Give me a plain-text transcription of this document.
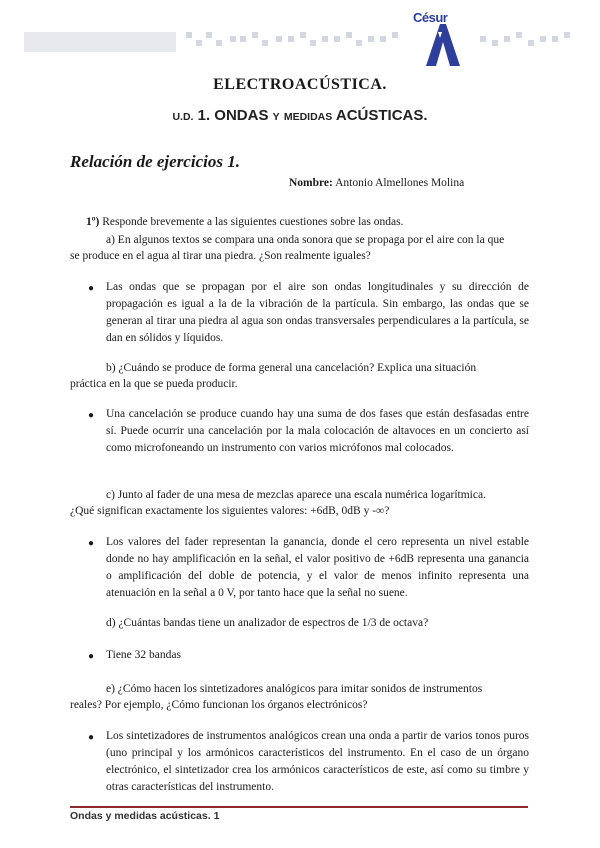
Césur
ELECTROACÚSTICA.
U.D. 1. ONDAS Y MEDIDAS ACÚSTICAS.
Relación de ejercicios 1.
Nombre: Antonio Almellones Molina
1º) Responde brevemente a las siguientes cuestiones sobre las ondas.
a) En algunos textos se compara una onda sonora que se propaga por el aire con la que
se produce en el agua al tirar una piedra. ¿Son realmente iguales?
● Las ondas que se propagan por el aire son ondas longitudinales y su dirección de propagación es igual a la de la vibración de la partícula. Sin embargo, las ondas que se generan al tirar una piedra al agua son ondas transversales perpendiculares a la partícula, se dan en sólidos y líquidos.
b) ¿Cuándo se produce de forma general una cancelación? Explica una situación
práctica en la que se pueda producir.
● Una cancelación se produce cuando hay una suma de dos fases que están desfasadas entre sí. Puede ocurrir una cancelación por la mala colocación de altavoces en un concierto así como microfoneando un instrumento con varios micrófonos mal colocados.
c) Junto al fader de una mesa de mezclas aparece una escala numérica logarítmica.
¿Qué significan exactamente los siguientes valores: +6dB, 0dB y -∞?
● Los valores del fader representan la ganancia, donde el cero representa un nivel estable donde no hay amplificación en la señal, el valor positivo de +6dB representa una ganancia o amplificación del doble de potencia, y el valor de menos infinito representa una atenuación en la señal a 0 V, por tanto hace que la señal no suene.
d) ¿Cuántas bandas tiene un analizador de espectros de 1/3 de octava?
● Tiene 32 bandas
e) ¿Cómo hacen los sintetizadores analógicos para imitar sonidos de instrumentos
reales? Por ejemplo, ¿Cómo funcionan los órganos electrónicos?
● Los sintetizadores de instrumentos analógicos crean una onda a partir de varios tonos puros (uno principal y los armónicos característicos del instrumento. En el caso de un órgano electrónico, el sintetizador crea los armónicos característicos de este, así como su timbre y otras características del instrumento.
Ondas y medidas acústicas. 1
